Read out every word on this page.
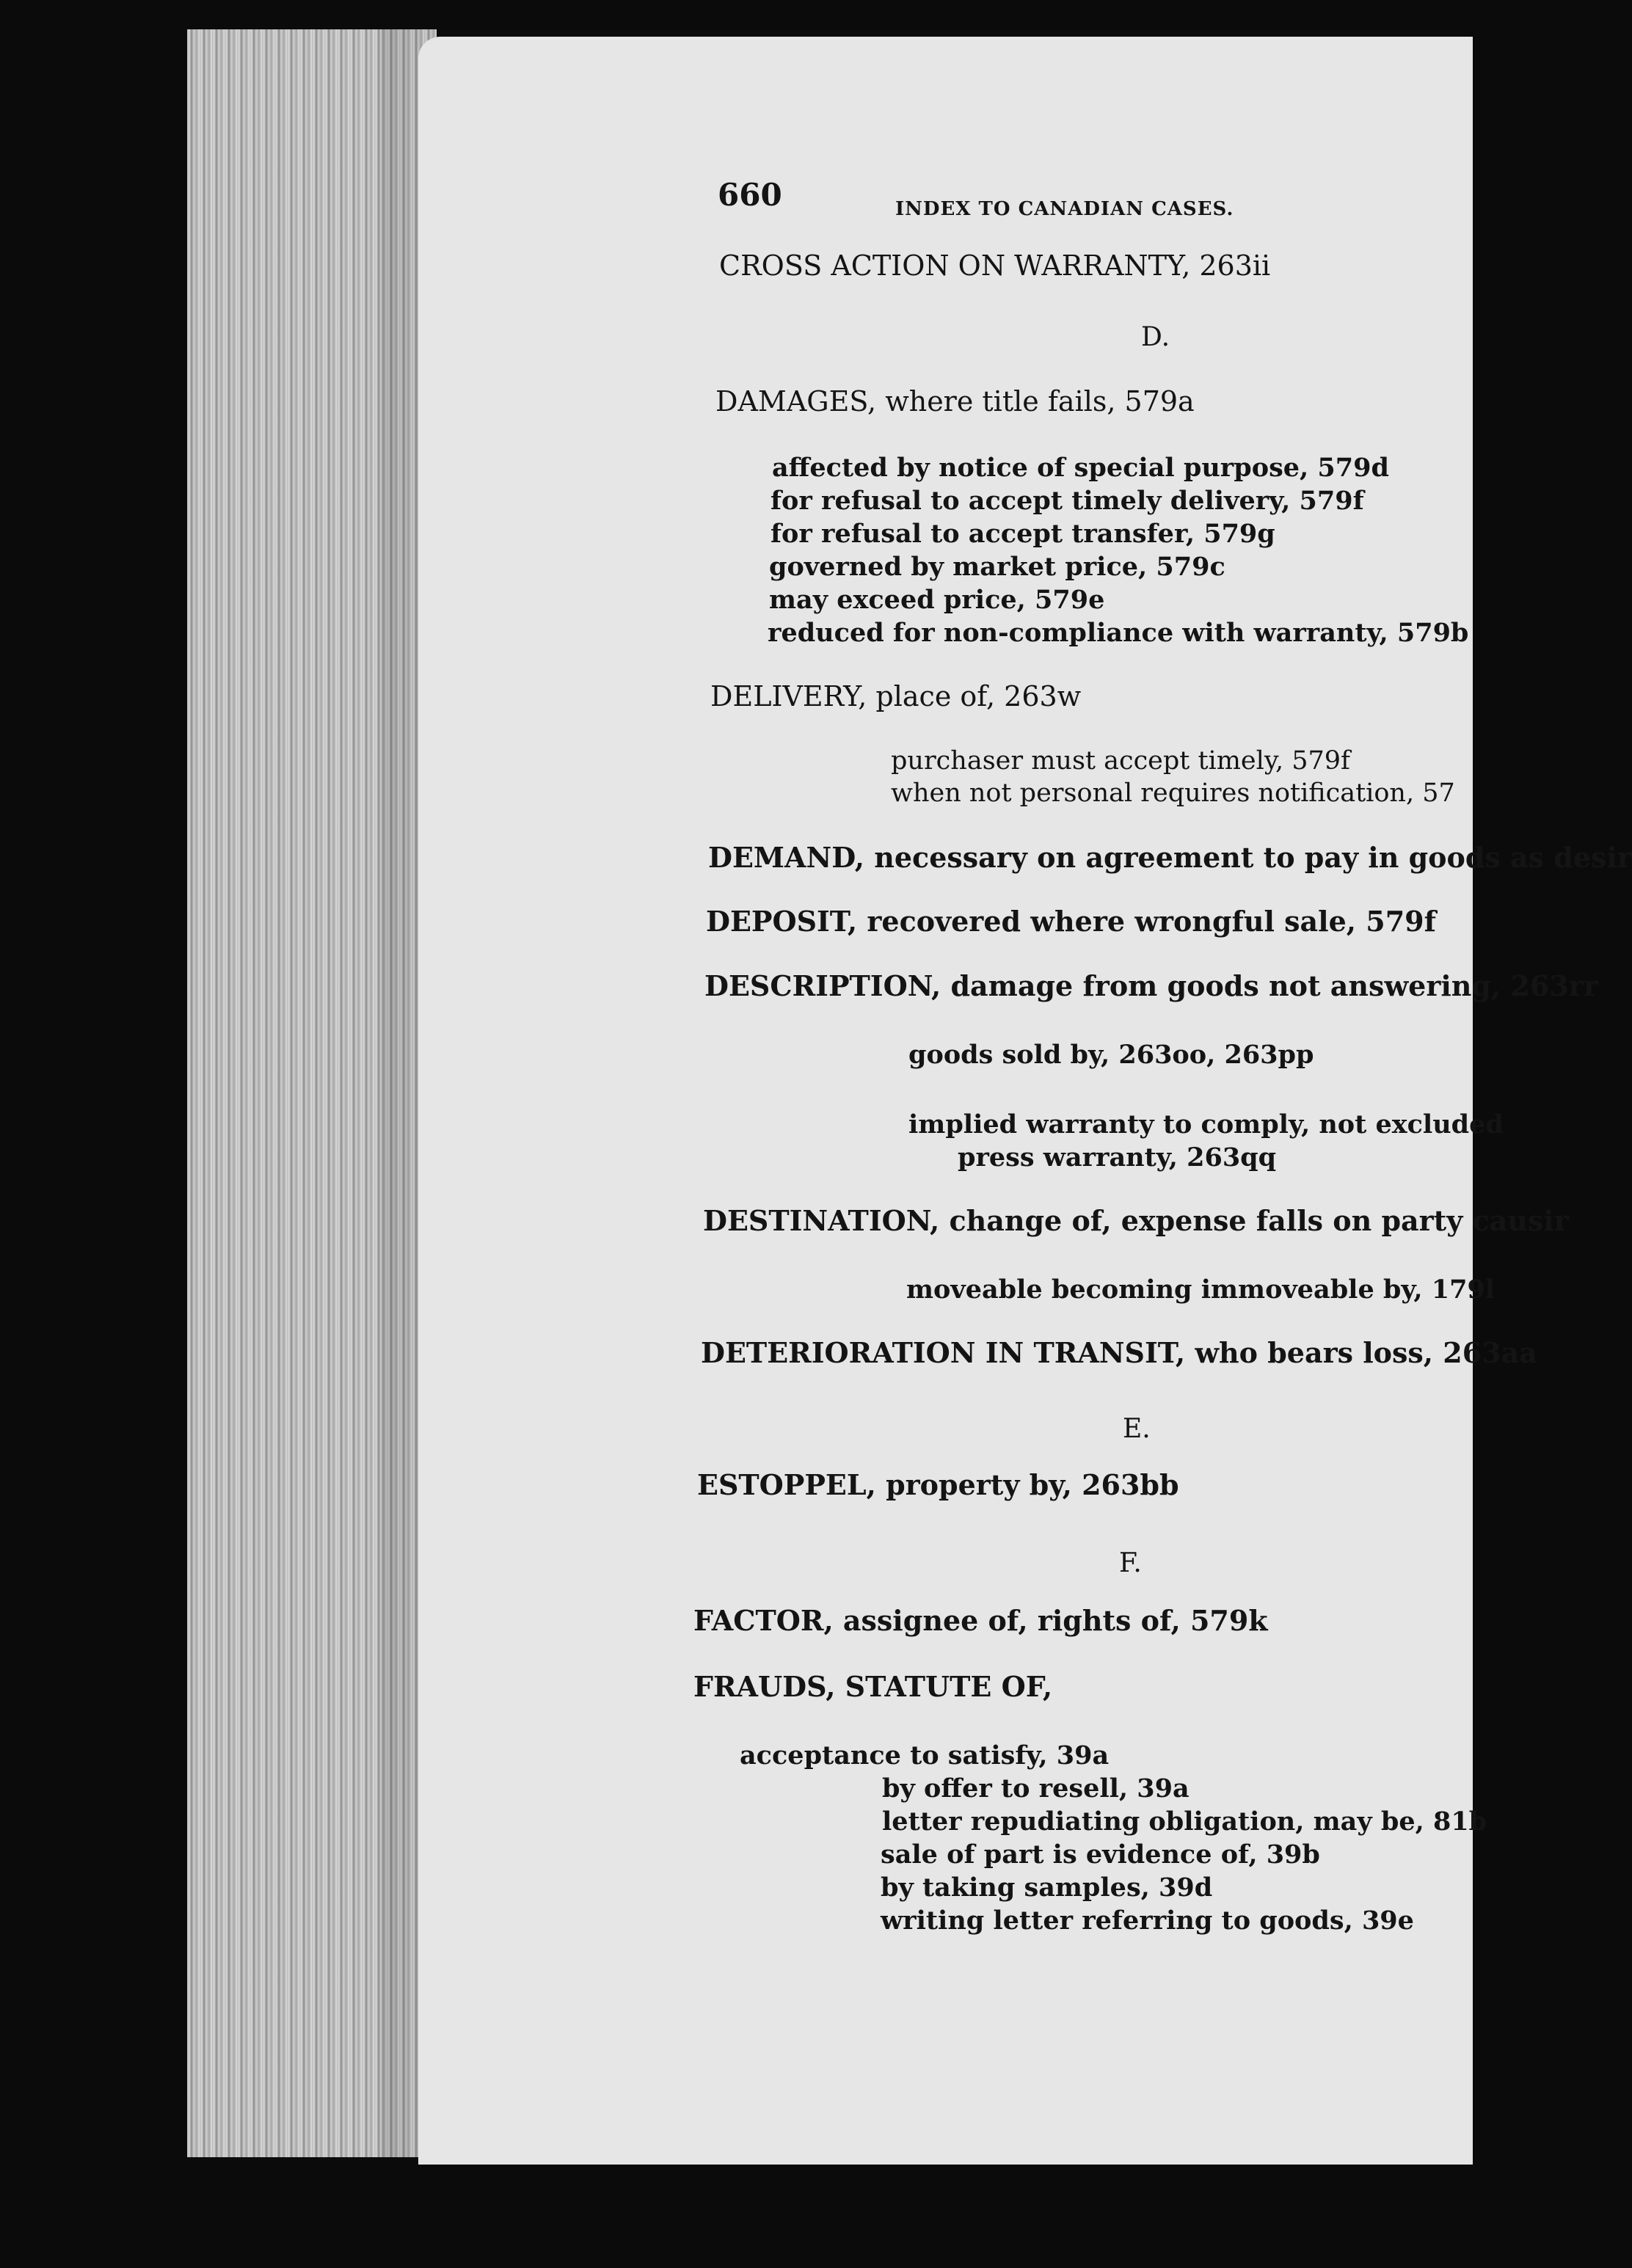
660	INDEX TO CANADIAN CASES.
CROSS ACTION ON WARRANTY, 263ii
D.
DAMAGES, where title fails, 579a
affected by notice of special purpose, 579d
for refusal to accept timely delivery, 579f
for refusal to accept transfer, 579g
governed by market price, 579c
may exceed price, 579e
reduced for non-compliance with warranty, 579b
DELIVERY, place of, 263w
purchaser must accept timely, 579f
when not personal requires notification, 57
DEMAND, necessary on agreement to pay in goods as desir
DEPOSIT, recovered where wrongful sale, 579f
DESCRIPTION, damage from goods not answering, 263rr
goods sold by, 263oo, 263pp
implied warranty to comply, not excluded
press warranty, 263qq
DESTINATION, change of, expense falls on party causir
moveable becoming immoveable by, 179l
DETERIORATION IN TRANSIT, who bears loss, 263aa
E.
ESTOPPEL, property by, 263bb
F.
FACTOR, assignee of, rights of, 579k
FRAUDS, STATUTE OF,
acceptance to satisfy, 39a
by offer to resell, 39a
letter repudiating obligation, may be, 81b
sale of part is evidence of, 39b
by taking samples, 39d
writing letter referring to goods, 39e
